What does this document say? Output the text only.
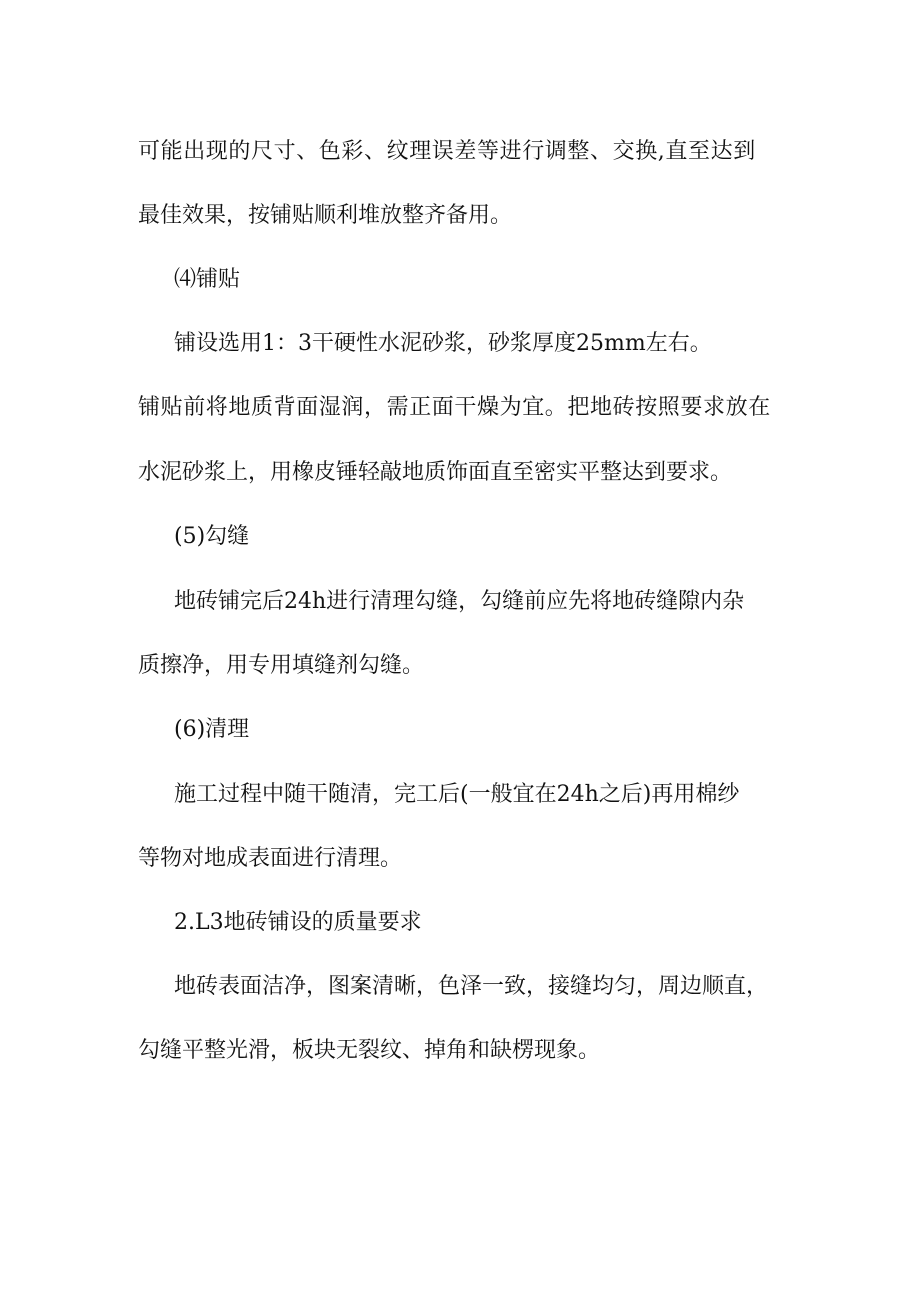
可能出现的尺寸、色彩、纹理误差等进行调整、交换,直至达到

最佳效果，按铺贴顺利堆放整齐备用。

⑷铺贴

铺设选用1：3干硬性水泥砂浆，砂浆厚度25mm左右。

铺贴前将地质背面湿润，需正面干燥为宜。把地砖按照要求放在

水泥砂浆上，用橡皮锤轻敲地质饰面直至密实平整达到要求。

(5)勾缝

地砖铺完后24h进行清理勾缝，勾缝前应先将地砖缝隙内杂

质擦净，用专用填缝剂勾缝。

(6)清理

施工过程中随干随清，完工后(一般宜在24h之后)再用棉纱

等物对地成表面进行清理。

2.L3地砖铺设的质量要求

地砖表面洁净，图案清晰，色泽一致，接缝均匀，周边顺直，

勾缝平整光滑，板块无裂纹、掉角和缺楞现象。
